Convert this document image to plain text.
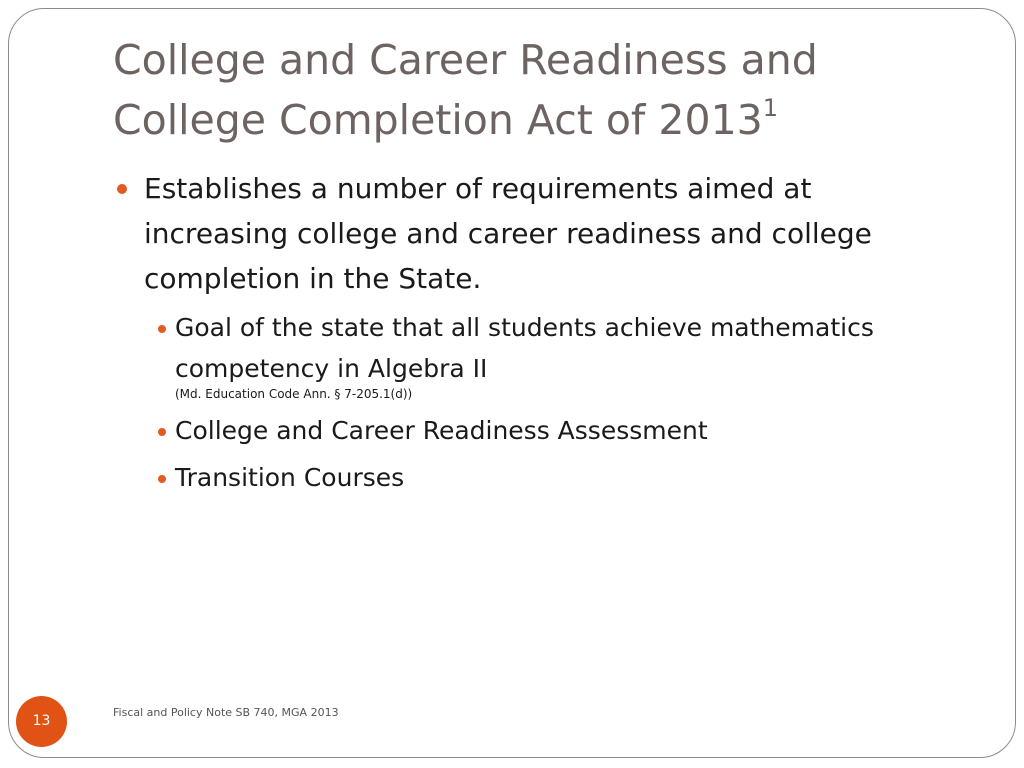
College and Career Readiness and
College Completion Act of 2013$^1$
Establishes a number of requirements aimed at increasing college and career readiness and college completion in the State.
Goal of the state that all students achieve mathematics competency in Algebra II
(Md. Education Code Ann. § 7-205.1(d))
College and Career Readiness Assessment
Transition Courses
Fiscal and Policy Note SB 740, MGA 2013
13
